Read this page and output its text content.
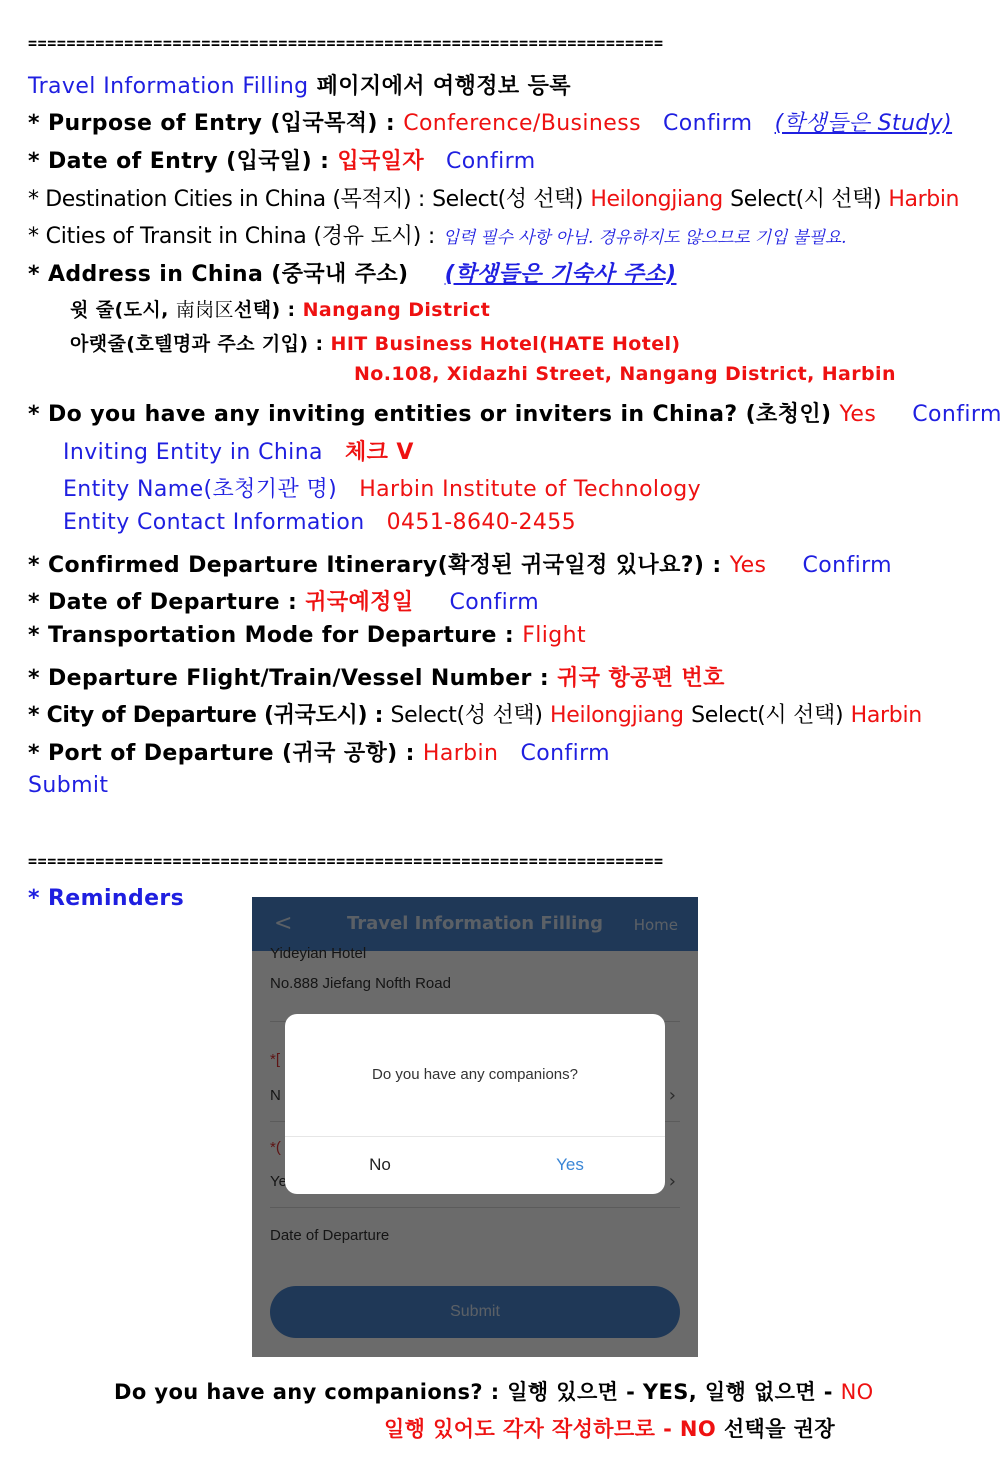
==================================================================
Travel Information Filling 페이지에서 여행정보 등록
* Purpose of Entry (입국목적) : Conference/Business Confirm (학생들은 Study)
* Date of Entry (입국일) : 입국일자 Confirm
* Destination Cities in China (목적지) : Select(성 선택) Heilongjiang Select(시 선택) Harbin
* Cities of Transit in China (경유 도시) : 입력 필수 사항 아님. 경유하지도 않으므로 기입 불필요.
* Address in China (중국내 주소) (학생들은 기숙사 주소)
윗 줄(도시, 南岗区선택) : Nangang District
아랫줄(호텔명과 주소 기입) : HIT Business Hotel(HATE Hotel)
No.108, Xidazhi Street, Nangang District, Harbin
* Do you have any inviting entities or inviters in China? (초청인) Yes Confirm
Inviting Entity in China 체크 V
Entity Name(초청기관 명) Harbin Institute of Technology
Entity Contact Information 0451-8640-2455
* Confirmed Departure Itinerary(확정된 귀국일정 있나요?) : Yes Confirm
* Date of Departure : 귀국예정일 Confirm
* Transportation Mode for Departure : Flight
* Departure Flight/Train/Vessel Number : 귀국 항공편 번호
* City of Departure (귀국도시) : Select(성 선택) Heilongjiang Select(시 선택) Harbin
* Port of Departure (귀국 공항) : Harbin Confirm
Submit
==================================================================
* Reminders
Do you have any companions?
No	Yes
Do you have any companions? : 일행 있으면 - YES, 일행 없으면 - NO
일행 있어도 각자 작성하므로 - NO 선택을 권장
